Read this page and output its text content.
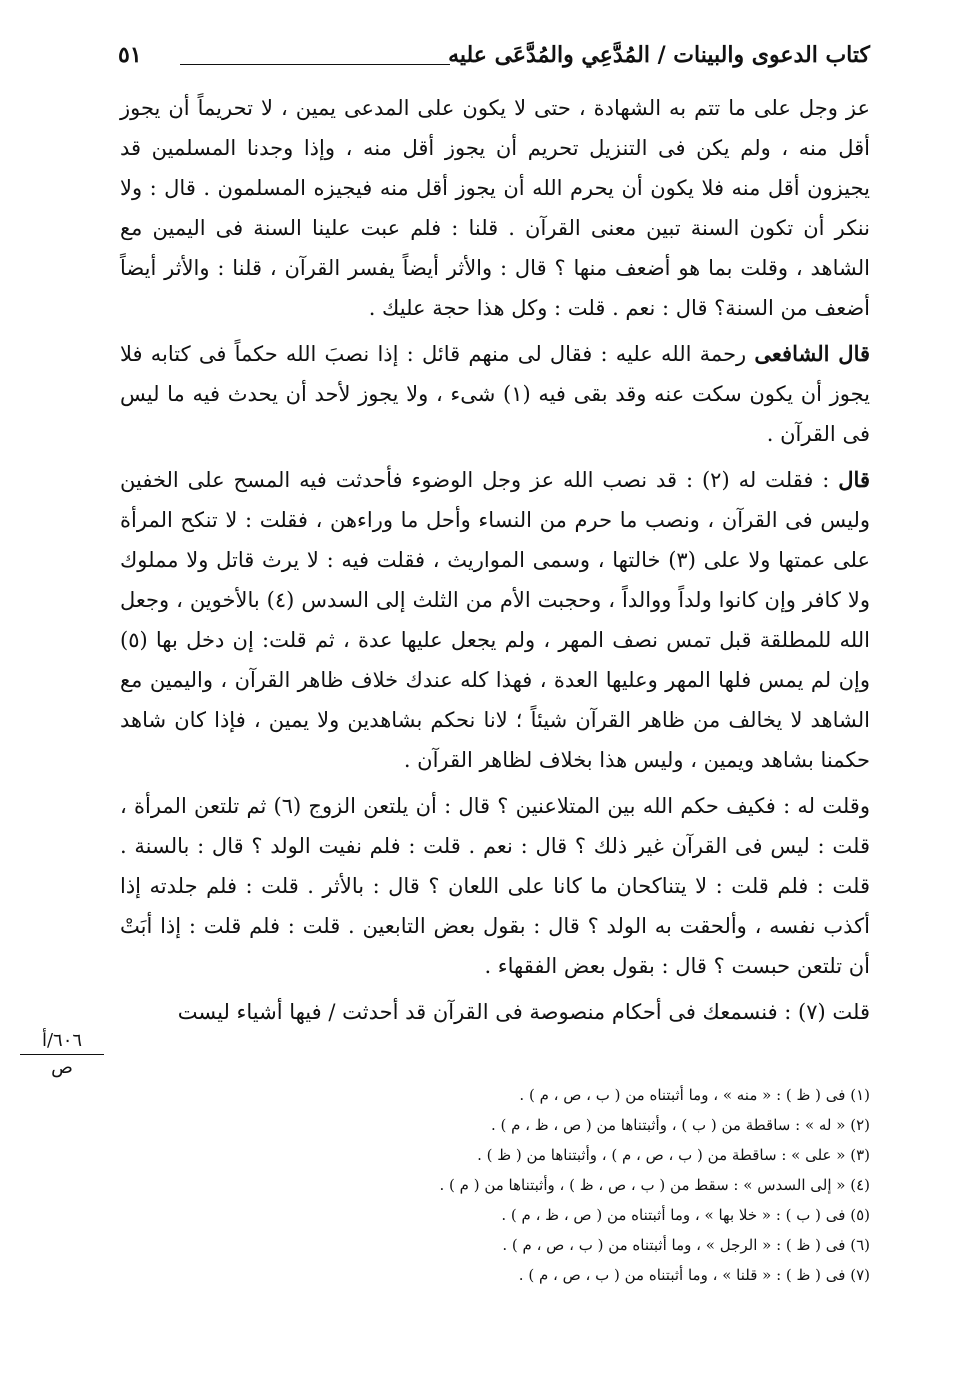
كتاب الدعوى والبينات / المُدَّعِي والمُدَّعَى عليه
٥١

عز وجل على ما تتم به الشهادة ، حتى لا يكون على المدعى يمين ، لا تحريماً أن يجوز أقل منه ، ولم يكن فى التنزيل تحريم أن يجوز أقل منه ، وإذا وجدنا المسلمين قد يجيزون أقل منه فلا يكون أن يحرم الله أن يجوز أقل منه فيجيزه المسلمون . قال : ولا ننكر أن تكون السنة تبين معنى القرآن . قلنا : فلم عبت علينا السنة فى اليمين مع الشاهد ، وقلت بما هو أضعف منها ؟ قال : والأثر أيضاً يفسر القرآن ، قلنا : والأثر أيضاً أضعف من السنة؟ قال : نعم . قلت : وكل هذا حجة عليك .

قال الشافعى رحمة الله عليه : فقال لى منهم قائل : إذا نصبَ الله حكماً فى كتابه فلا يجوز أن يكون سكت عنه وقد بقى فيه (١) شىء ، ولا يجوز لأحد أن يحدث فيه ما ليس فى القرآن .

قال : فقلت له (٢) : قد نصب الله عز وجل الوضوء فأحدثت فيه المسح على الخفين وليس فى القرآن ، ونصب ما حرم من النساء وأحل ما وراءهن ، فقلت : لا تنكح المرأة على عمتها ولا على (٣) خالتها ، وسمى المواريث ، فقلت فيه : لا يرث قاتل ولا مملوك ولا كافر وإن كانوا ولداً ووالداً ، وحجبت الأم من الثلث إلى السدس (٤) بالأخوين ، وجعل الله للمطلقة قبل تمس نصف المهر ، ولم يجعل عليها عدة ، ثم قلت: إن دخل بها (٥) وإن لم يمس فلها المهر وعليها العدة ، فهذا كله عندك خلاف ظاهر القرآن ، واليمين مع الشاهد لا يخالف من ظاهر القرآن شيئاً ؛ لانا نحكم بشاهدين ولا يمين ، فإذا كان شاهد حكمنا بشاهد ويمين ، وليس هذا بخلاف لظاهر القرآن .

وقلت له : فكيف حكم الله بين المتلاعنين ؟ قال : أن يلتعن الزوج (٦) ثم تلتعن المرأة ، قلت : ليس فى القرآن غير ذلك ؟ قال : نعم . قلت : فلم نفيت الولد ؟ قال : بالسنة . قلت : فلم قلت : لا يتناكحان ما كانا على اللعان ؟ قال : بالأثر . قلت : فلم جلدته إذا أكذب نفسه ، وألحقت به الولد ؟ قال : بقول بعض التابعين . قلت : فلم قلت : إذا أبَتْ أن تلتعن حبست ؟ قال : بقول بعض الفقهاء .

قلت (٧) : فنسمعك فى أحكام منصوصة فى القرآن قد أحدثت / فيها أشياء ليست

٦٠٦/أ
ص
(١) فى ( ظ ) : « منه » ، وما أثبتناه من ( ب ، ص ، م ) .
(٢) « له » : ساقطة من ( ب ) ، وأثبتناها من ( ص ، ظ ، م ) .
(٣) « على » : ساقطة من ( ب ، ص ، م ) ، وأثبتناها من ( ظ ) .
(٤) « إلى السدس » : سقط من ( ب ، ص ، ظ ) ، وأثبتناها من ( م ) .
(٥) فى ( ب ) : « خلا بها » ، وما أثبتناه من ( ص ، ظ ، م ) .
(٦) فى ( ظ ) : « الرجل » ، وما أثبتناه من ( ب ، ص ، م ) .
(٧) فى ( ظ ) : « قلنا » ، وما أثبتناه من ( ب ، ص ، م ) .
